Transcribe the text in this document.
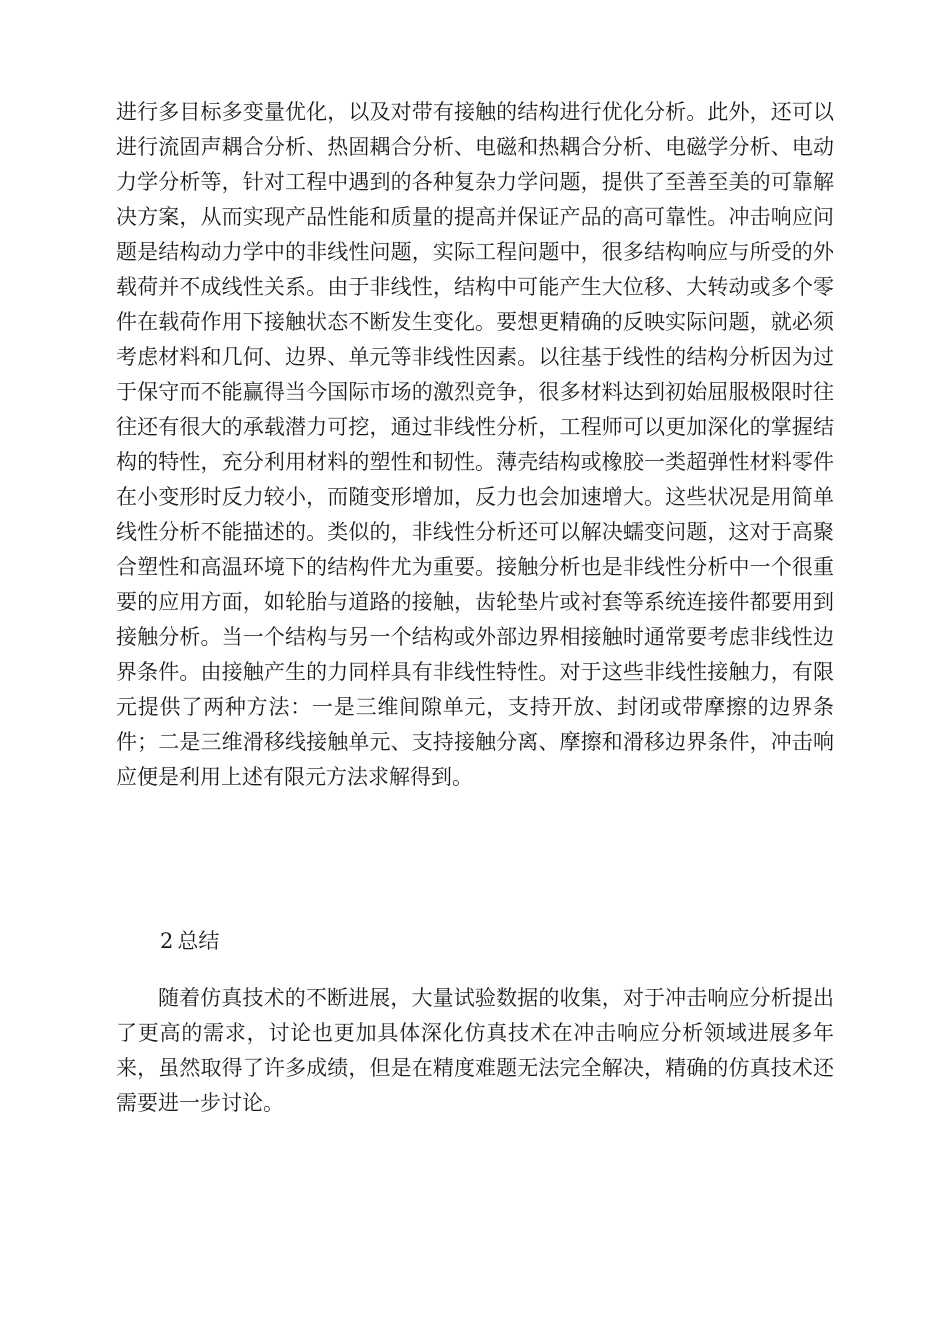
进行多目标多变量优化，以及对带有接触的结构进行优化分析。此外，还可以进行流固声耦合分析、热固耦合分析、电磁和热耦合分析、电磁学分析、电动力学分析等，针对工程中遇到的各种复杂力学问题，提供了至善至美的可靠解决方案，从而实现产品性能和质量的提高并保证产品的高可靠性。冲击响应问题是结构动力学中的非线性问题，实际工程问题中，很多结构响应与所受的外载荷并不成线性关系。由于非线性，结构中可能产生大位移、大转动或多个零件在载荷作用下接触状态不断发生变化。要想更精确的反映实际问题，就必须考虑材料和几何、边界、单元等非线性因素。以往基于线性的结构分析因为过于保守而不能赢得当今国际市场的激烈竞争，很多材料达到初始屈服极限时往往还有很大的承载潜力可挖，通过非线性分析，工程师可以更加深化的掌握结构的特性，充分利用材料的塑性和韧性。薄壳结构或橡胶一类超弹性材料零件在小变形时反力较小，而随变形增加，反力也会加速增大。这些状况是用简单线性分析不能描述的。类似的，非线性分析还可以解决蠕变问题，这对于高聚合塑性和高温环境下的结构件尤为重要。接触分析也是非线性分析中一个很重要的应用方面，如轮胎与道路的接触，齿轮垫片或衬套等系统连接件都要用到接触分析。当一个结构与另一个结构或外部边界相接触时通常要考虑非线性边界条件。由接触产生的力同样具有非线性特性。对于这些非线性接触力，有限元提供了两种方法：一是三维间隙单元，支持开放、封闭或带摩擦的边界条件；二是三维滑移线接触单元、支持接触分离、摩擦和滑移边界条件，冲击响应便是利用上述有限元方法求解得到。

2 总结

随着仿真技术的不断进展，大量试验数据的收集，对于冲击响应分析提出了更高的需求，讨论也更加具体深化仿真技术在冲击响应分析领域进展多年来，虽然取得了许多成绩，但是在精度难题无法完全解决，精确的仿真技术还需要进一步讨论。
